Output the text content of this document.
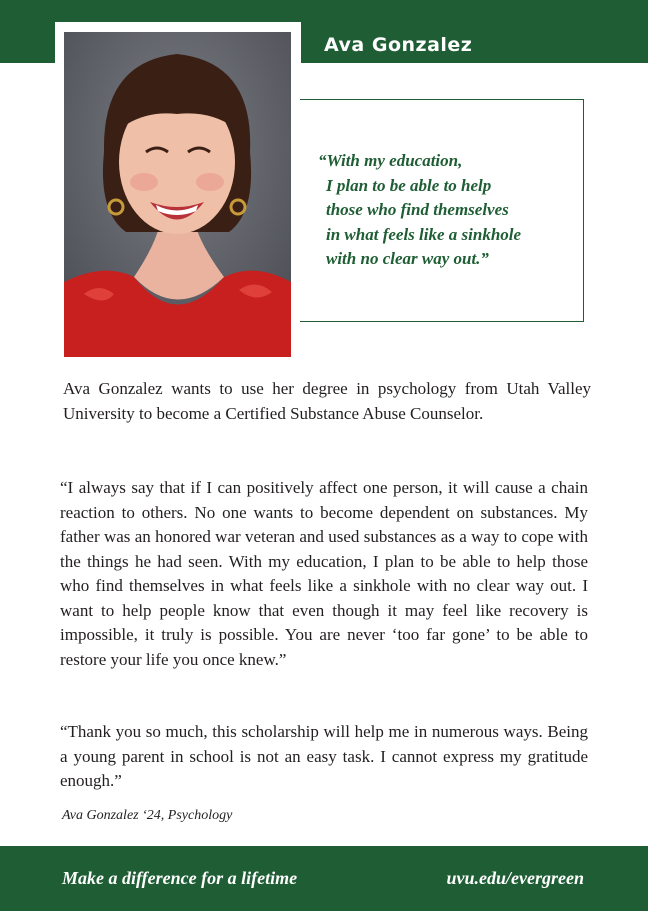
Ava Gonzalez

“With my education,
I plan to be able to help
those who find themselves
in what feels like a sinkhole
with no clear way out.”

Ava Gonzalez wants to use her degree in psychology from Utah Valley University to become a Certified Substance Abuse Counselor.

“I always say that if I can positively affect one person, it will cause a chain reaction to others. No one wants to become dependent on substances. My father was an honored war veteran and used substances as a way to cope with the things he had seen. With my education, I plan to be able to help those who find themselves in what feels like a sinkhole with no clear way out. I want to help people know that even though it may feel like recovery is impossible, it truly is possible. You are never ‘too far gone’ to be able to restore your life you once knew.”

“Thank you so much, this scholarship will help me in numerous ways. Being a young parent in school is not an easy task. I cannot express my gratitude enough.”

Ava Gonzalez ‘24, Psychology

Make a difference for a lifetime	uvu.edu/evergreen
